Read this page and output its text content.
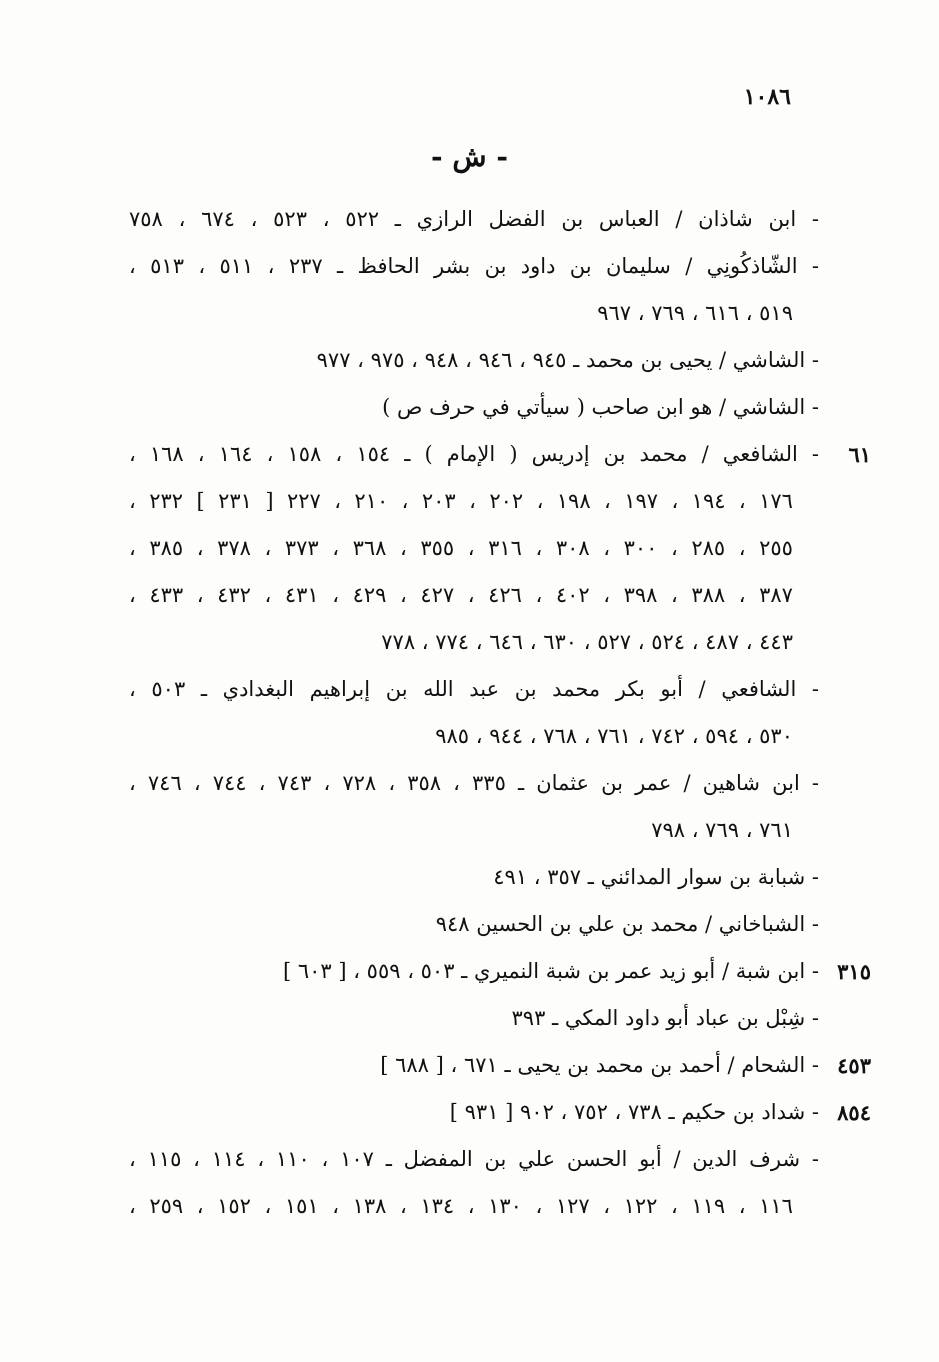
١٠٨٦
- ش -
- ابن شاذان / العباس بن الفضل الرازي ـ ٥٢٢ ، ٥٢٣ ، ٦٧٤ ، ٧٥٨
- الشّاذكُونِي / سليمان بن داود بن بشر الحافظ ـ ٢٣٧ ، ٥١١ ، ٥١٣ ،
٥١٩ ، ٦١٦ ، ٧٦٩ ، ٩٦٧
- الشاشي / يحيى بن محمد ـ ٩٤٥ ، ٩٤٦ ، ٩٤٨ ، ٩٧٥ ، ٩٧٧
- الشاشي / هو ابن صاحب ( سيأتي في حرف ص )
٦١
- الشافعي / محمد بن إدريس ( الإمام ) ـ ١٥٤ ، ١٥٨ ، ١٦٤ ، ١٦٨ ،
١٧٦ ، ١٩٤ ، ١٩٧ ، ١٩٨ ، ٢٠٢ ، ٢٠٣ ، ٢١٠ ، ٢٢٧ [ ٢٣١ ] ٢٣٢ ،
٢٥٥ ، ٢٨٥ ، ٣٠٠ ، ٣٠٨ ، ٣١٦ ، ٣٥٥ ، ٣٦٨ ، ٣٧٣ ، ٣٧٨ ، ٣٨٥ ،
٣٨٧ ، ٣٨٨ ، ٣٩٨ ، ٤٠٢ ، ٤٢٦ ، ٤٢٧ ، ٤٢٩ ، ٤٣١ ، ٤٣٢ ، ٤٣٣ ،
٤٤٣ ، ٤٨٧ ، ٥٢٤ ، ٥٢٧ ، ٦٣٠ ، ٦٤٦ ، ٧٧٤ ، ٧٧٨
- الشافعي / أبو بكر محمد بن عبد الله بن إبراهيم البغدادي ـ ٥٠٣ ،
٥٣٠ ، ٥٩٤ ، ٧٤٢ ، ٧٦١ ، ٧٦٨ ، ٩٤٤ ، ٩٨٥
- ابن شاهين / عمر بن عثمان ـ ٣٣٥ ، ٣٥٨ ، ٧٢٨ ، ٧٤٣ ، ٧٤٤ ، ٧٤٦ ،
٧٦١ ، ٧٦٩ ، ٧٩٨
- شبابة بن سوار المدائني ـ ٣٥٧ ، ٤٩١
- الشباخاني / محمد بن علي بن الحسين ٩٤٨
٣١٥
- ابن شبة / أبو زيد عمر بن شبة النميري ـ ٥٠٣ ، ٥٥٩ ، [ ٦٠٣ ]
- شِبْل بن عباد أبو داود المكي ـ ٣٩٣
٤٥٣
- الشحام / أحمد بن محمد بن يحيى ـ ٦٧١ ، [ ٦٨٨ ]
٨٥٤
- شداد بن حكيم ـ ٧٣٨ ، ٧٥٢ ، ٩٠٢ [ ٩٣١ ]
- شرف الدين / أبو الحسن علي بن المفضل ـ ١٠٧ ، ١١٠ ، ١١٤ ، ١١٥ ،
١١٦ ، ١١٩ ، ١٢٢ ، ١٢٧ ، ١٣٠ ، ١٣٤ ، ١٣٨ ، ١٥١ ، ١٥٢ ، ٢٥٩ ،
